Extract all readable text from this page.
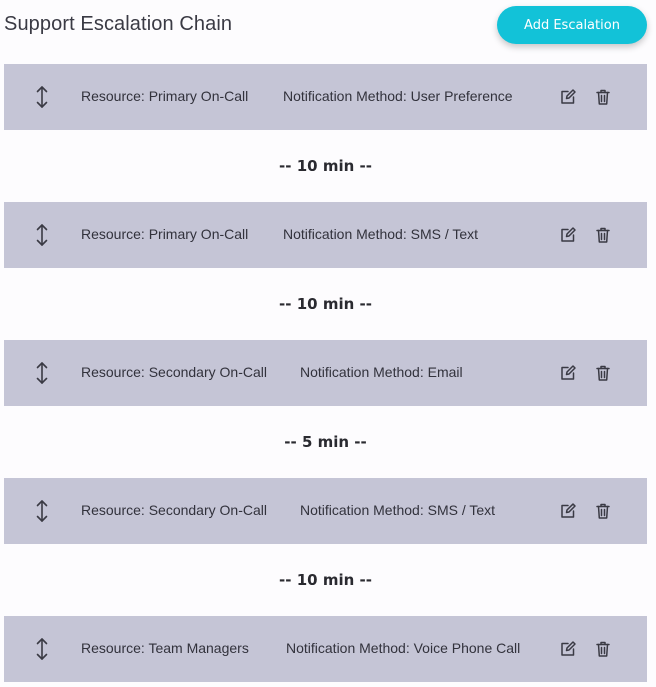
Support Escalation Chain	Add Escalation
Resource: Primary On-Call Notification Method: User Preference
-- 10 min --
Resource: Primary On-Call Notification Method: SMS / Text
-- 10 min --
Resource: Secondary On-Call Notification Method: Email
-- 5 min --
Resource: Secondary On-Call Notification Method: SMS / Text
-- 10 min --
Resource: Team Managers	Notification Method: Voice Phone Call
